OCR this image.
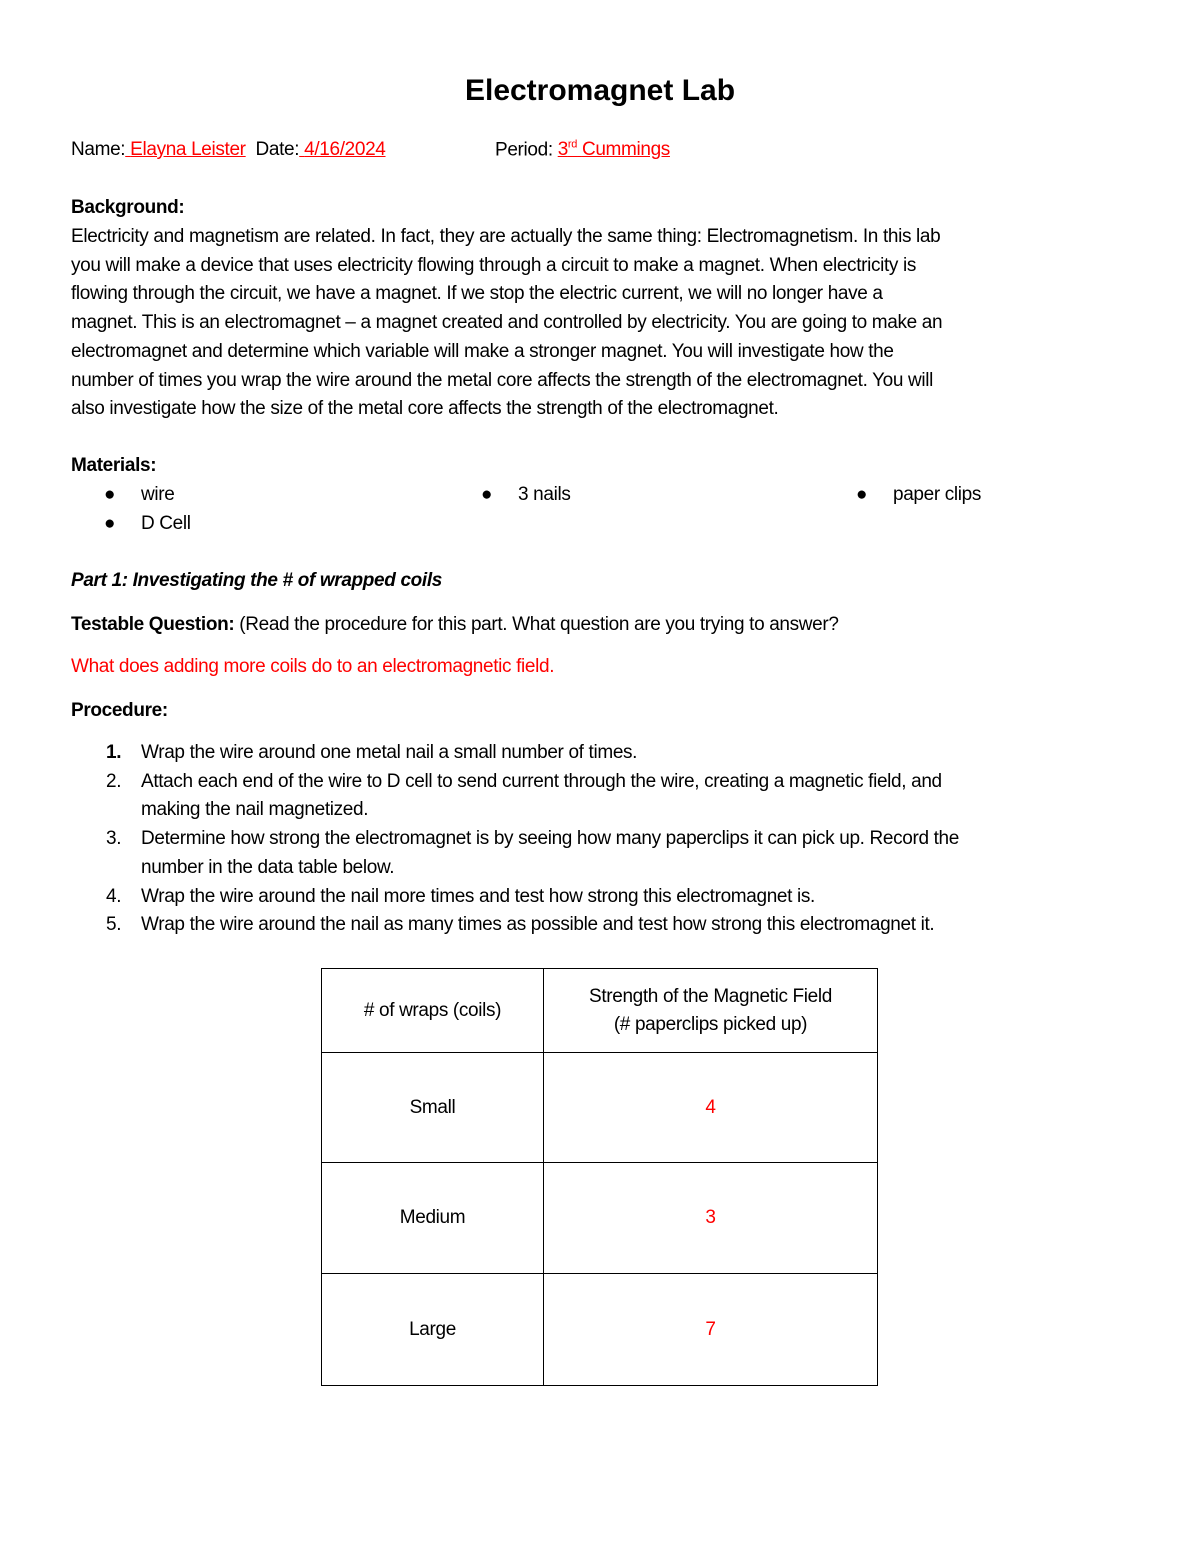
Electromagnet Lab
Name: Elayna Leister Date: 4/16/2024	Period: 3rd Cummings
Background:
Electricity and magnetism are related. In fact, they are actually the same thing: Electromagnetism. In this lab
you will make a device that uses electricity flowing through a circuit to make a magnet. When electricity is
flowing through the circuit, we have a magnet. If we stop the electric current, we will no longer have a
magnet. This is an electromagnet – a magnet created and controlled by electricity. You are going to make an
electromagnet and determine which variable will make a stronger magnet. You will investigate how the
number of times you wrap the wire around the metal core affects the strength of the electromagnet. You will
also investigate how the size of the metal core affects the strength of the electromagnet.
Materials:
● wire	● 3 nails	● paper clips
● D Cell
Part 1: Investigating the # of wrapped coils
Testable Question: (Read the procedure for this part. What question are you trying to answer?
What does adding more coils do to an electromagnetic field.
Procedure:
1. Wrap the wire around one metal nail a small number of times.
2. Attach each end of the wire to D cell to send current through the wire, creating a magnetic field, and
making the nail magnetized.
3. Determine how strong the electromagnet is by seeing how many paperclips it can pick up. Record the
number in the data table below.
4. Wrap the wire around the nail more times and test how strong this electromagnet is.
5. Wrap the wire around the nail as many times as possible and test how strong this electromagnet it.
# of wraps (coils)	Strength of the Magnetic Field
(# paperclips picked up)
Small	4
Medium	3
Large	7
